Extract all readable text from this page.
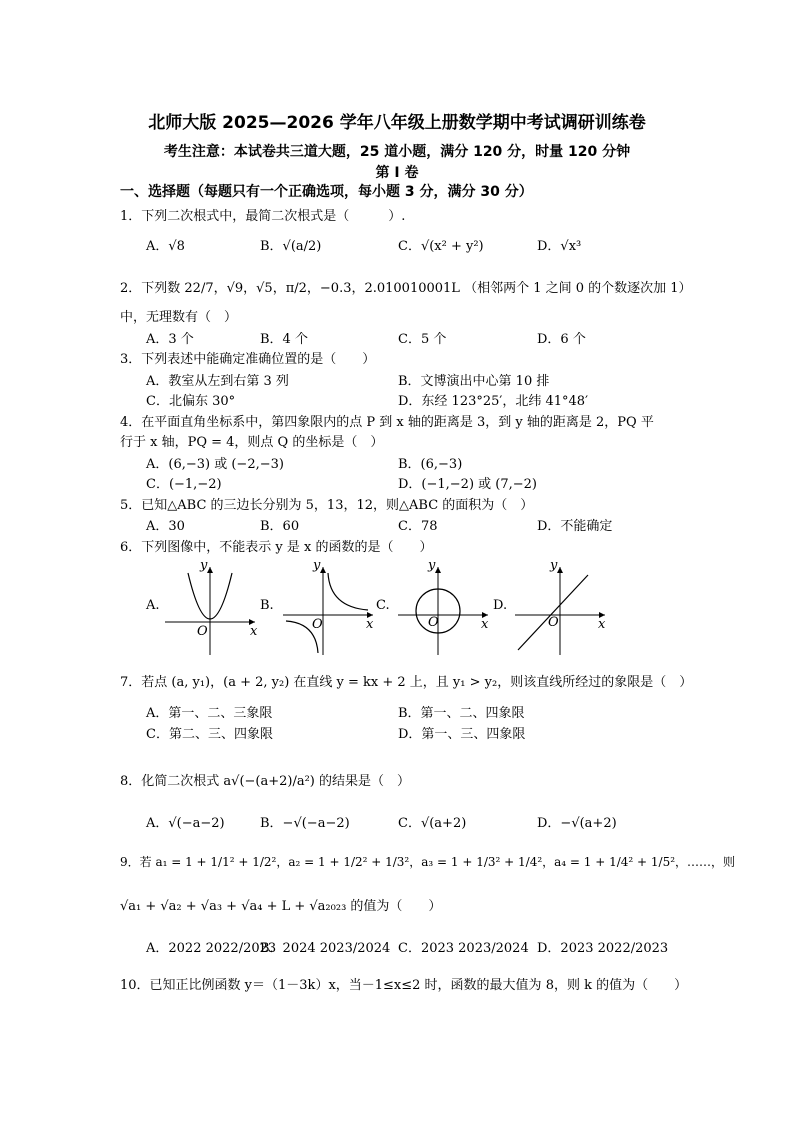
北师大版 2025—2026 学年八年级上册数学期中考试调研训练卷
考生注意：本试卷共三道大题，25 道小题，满分 120 分，时量 120 分钟
第 I 卷
一、选择题（每题只有一个正确选项，每小题 3 分，满分 30 分）
1．下列二次根式中，最简二次根式是（　　　）.
A．√8	B．√(a/2)	C．√(x² + y²)	D．√x³
2．下列数 22/7，√9，√5，π/2，−0.3，2.010010001L （相邻两个 1 之间 0 的个数逐次加 1）
中，无理数有（　）
A．3 个	B．4 个	C．5 个	D．6 个
3．下列表述中能确定准确位置的是（　　）
A．教室从左到右第 3 列	B．文博演出中心第 10 排
C．北偏东 30°	D．东经 123°25′，北纬 41°48′
4．在平面直角坐标系中，第四象限内的点 P 到 x 轴的距离是 3，到 y 轴的距离是 2，PQ 平
行于 x 轴，PQ = 4，则点 Q 的坐标是（　）
A．(6,−3) 或 (−2,−3)	B．(6,−3)
C．(−1,−2)	D．(−1,−2) 或 (7,−2)
5．已知△ABC 的三边长分别为 5，13，12，则△ABC 的面积为（　）
A．30	B．60	C．78	D．不能确定
6．下列图像中，不能表示 y 是 x 的函数的是（　　）
A.	B.	C.	D.
y
x
O
y
x
O
y
x
O
y
x
O
7．若点 (a, y₁)，(a + 2, y₂) 在直线 y = kx + 2 上，且 y₁ > y₂，则该直线所经过的象限是（　）
A．第一、二、三象限	B．第一、二、四象限
C．第二、三、四象限	D．第一、三、四象限
8．化简二次根式 a√(−(a+2)/a²) 的结果是（　）
A．√(−a−2)	B．−√(−a−2)	C．√(a+2)	D．−√(a+2)
9．若 a₁ = 1 + 1/1² + 1/2²，a₂ = 1 + 1/2² + 1/3²，a₃ = 1 + 1/3² + 1/4²，a₄ = 1 + 1/4² + 1/5²，……，则
√a₁ + √a₂ + √a₃ + √a₄ + L + √a₂₀₂₃ 的值为（　　）
A．2022 2022/2023
B．2024 2023/2024 C．2023 2023/2024 D．2023 2022/2023
10．已知正比例函数 y＝（1－3k）x，当－1≤x≤2 时，函数的最大值为 8，则 k 的值为（　　）
